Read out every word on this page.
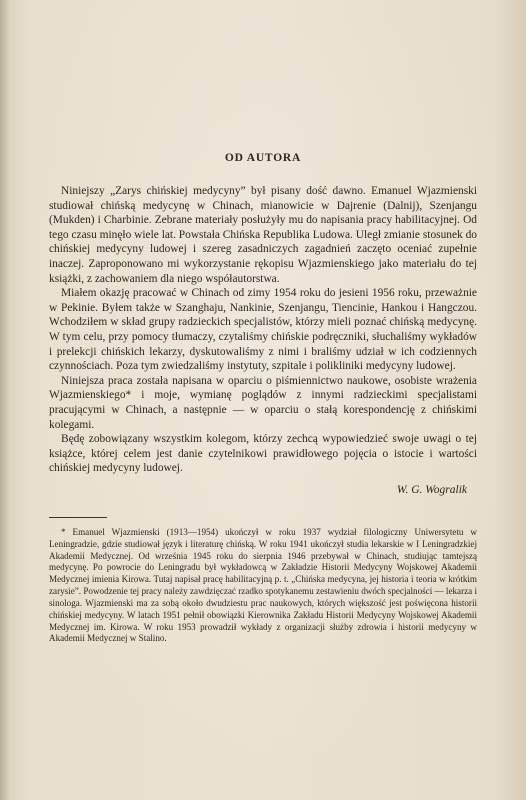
OD AUTORA

Niniejszy „Zarys chińskiej medycyny” był pisany dość dawno. Emanuel Wjazmienski studiował chińską medycynę w Chinach, mianowicie w Dajrenie (Dalnij), Szenjangu (Mukden) i Charbinie. Zebrane materiały posłużyły mu do napisania pracy habilitacyjnej. Od tego czasu minęło wiele lat. Powstała Chińska Republika Ludowa. Uległ zmianie stosunek do chińskiej medycyny ludowej i szereg zasadniczych zagadnień zaczęto oceniać zupełnie inaczej. Zaproponowano mi wykorzystanie rękopisu Wjazmienskiego jako materiału do tej książki, z zachowaniem dla niego współautorstwa.

Miałem okazję pracować w Chinach od zimy 1954 roku do jesieni 1956 roku, przeważnie w Pekinie. Byłem także w Szanghaju, Nankinie, Szenjangu, Tiencinie, Hankou i Hangczou. Wchodziłem w skład grupy radzieckich specjalistów, którzy mieli poznać chińską medycynę. W tym celu, przy pomocy tłumaczy, czytaliśmy chińskie podręczniki, słuchaliśmy wykładów i prelekcji chińskich lekarzy, dyskutowaliśmy z nimi i braliśmy udział w ich codziennych czynnościach. Poza tym zwiedzaliśmy instytuty, szpitale i polikliniki medycyny ludowej.

Niniejsza praca została napisana w oparciu o piśmiennictwo naukowe, osobiste wrażenia Wjazmienskiego* i moje, wymianę poglądów z innymi radzieckimi specjalistami pracującymi w Chinach, a następnie — w oparciu o stałą korespondencję z chińskimi kolegami.

Będę zobowiązany wszystkim kolegom, którzy zechcą wypowiedzieć swoje uwagi o tej książce, której celem jest danie czytelnikowi prawidłowego pojęcia o istocie i wartości chińskiej medycyny ludowej.

W. G. Wogralik

* Emanuel Wjazmienski (1913—1954) ukończył w roku 1937 wydział filologiczny Uniwersytetu w Leningradzie, gdzie studiował język i literaturę chińską. W roku 1941 ukończył studia lekarskie w I Leningradzkiej Akademii Medycznej. Od września 1945 roku do sierpnia 1946 przebywał w Chinach, studiując tamtejszą medycynę. Po powrocie do Leningradu był wykładowcą w Zakładzie Historii Medycyny Wojskowej Akademii Medycznej imienia Kirowa. Tutaj napisał pracę habilitacyjną p. t. „Chińska medycyna, jej historia i teoria w krótkim zarysie”. Powodzenie tej pracy należy zawdzięczać rzadko spotykanemu zestawieniu dwóch specjalności — lekarza i sinologa. Wjazmienski ma za sobą około dwudziestu prac naukowych, których większość jest poświęcona historii chińskiej medycyny. W latach 1951 pełnił obowiązki Kierownika Zakładu Historii Medycyny Wojskowej Akademii Medycznej im. Kirowa. W roku 1953 prowadził wykłady z organizacji służby zdrowia i historii medycyny w Akademii Medycznej w Stalino.
